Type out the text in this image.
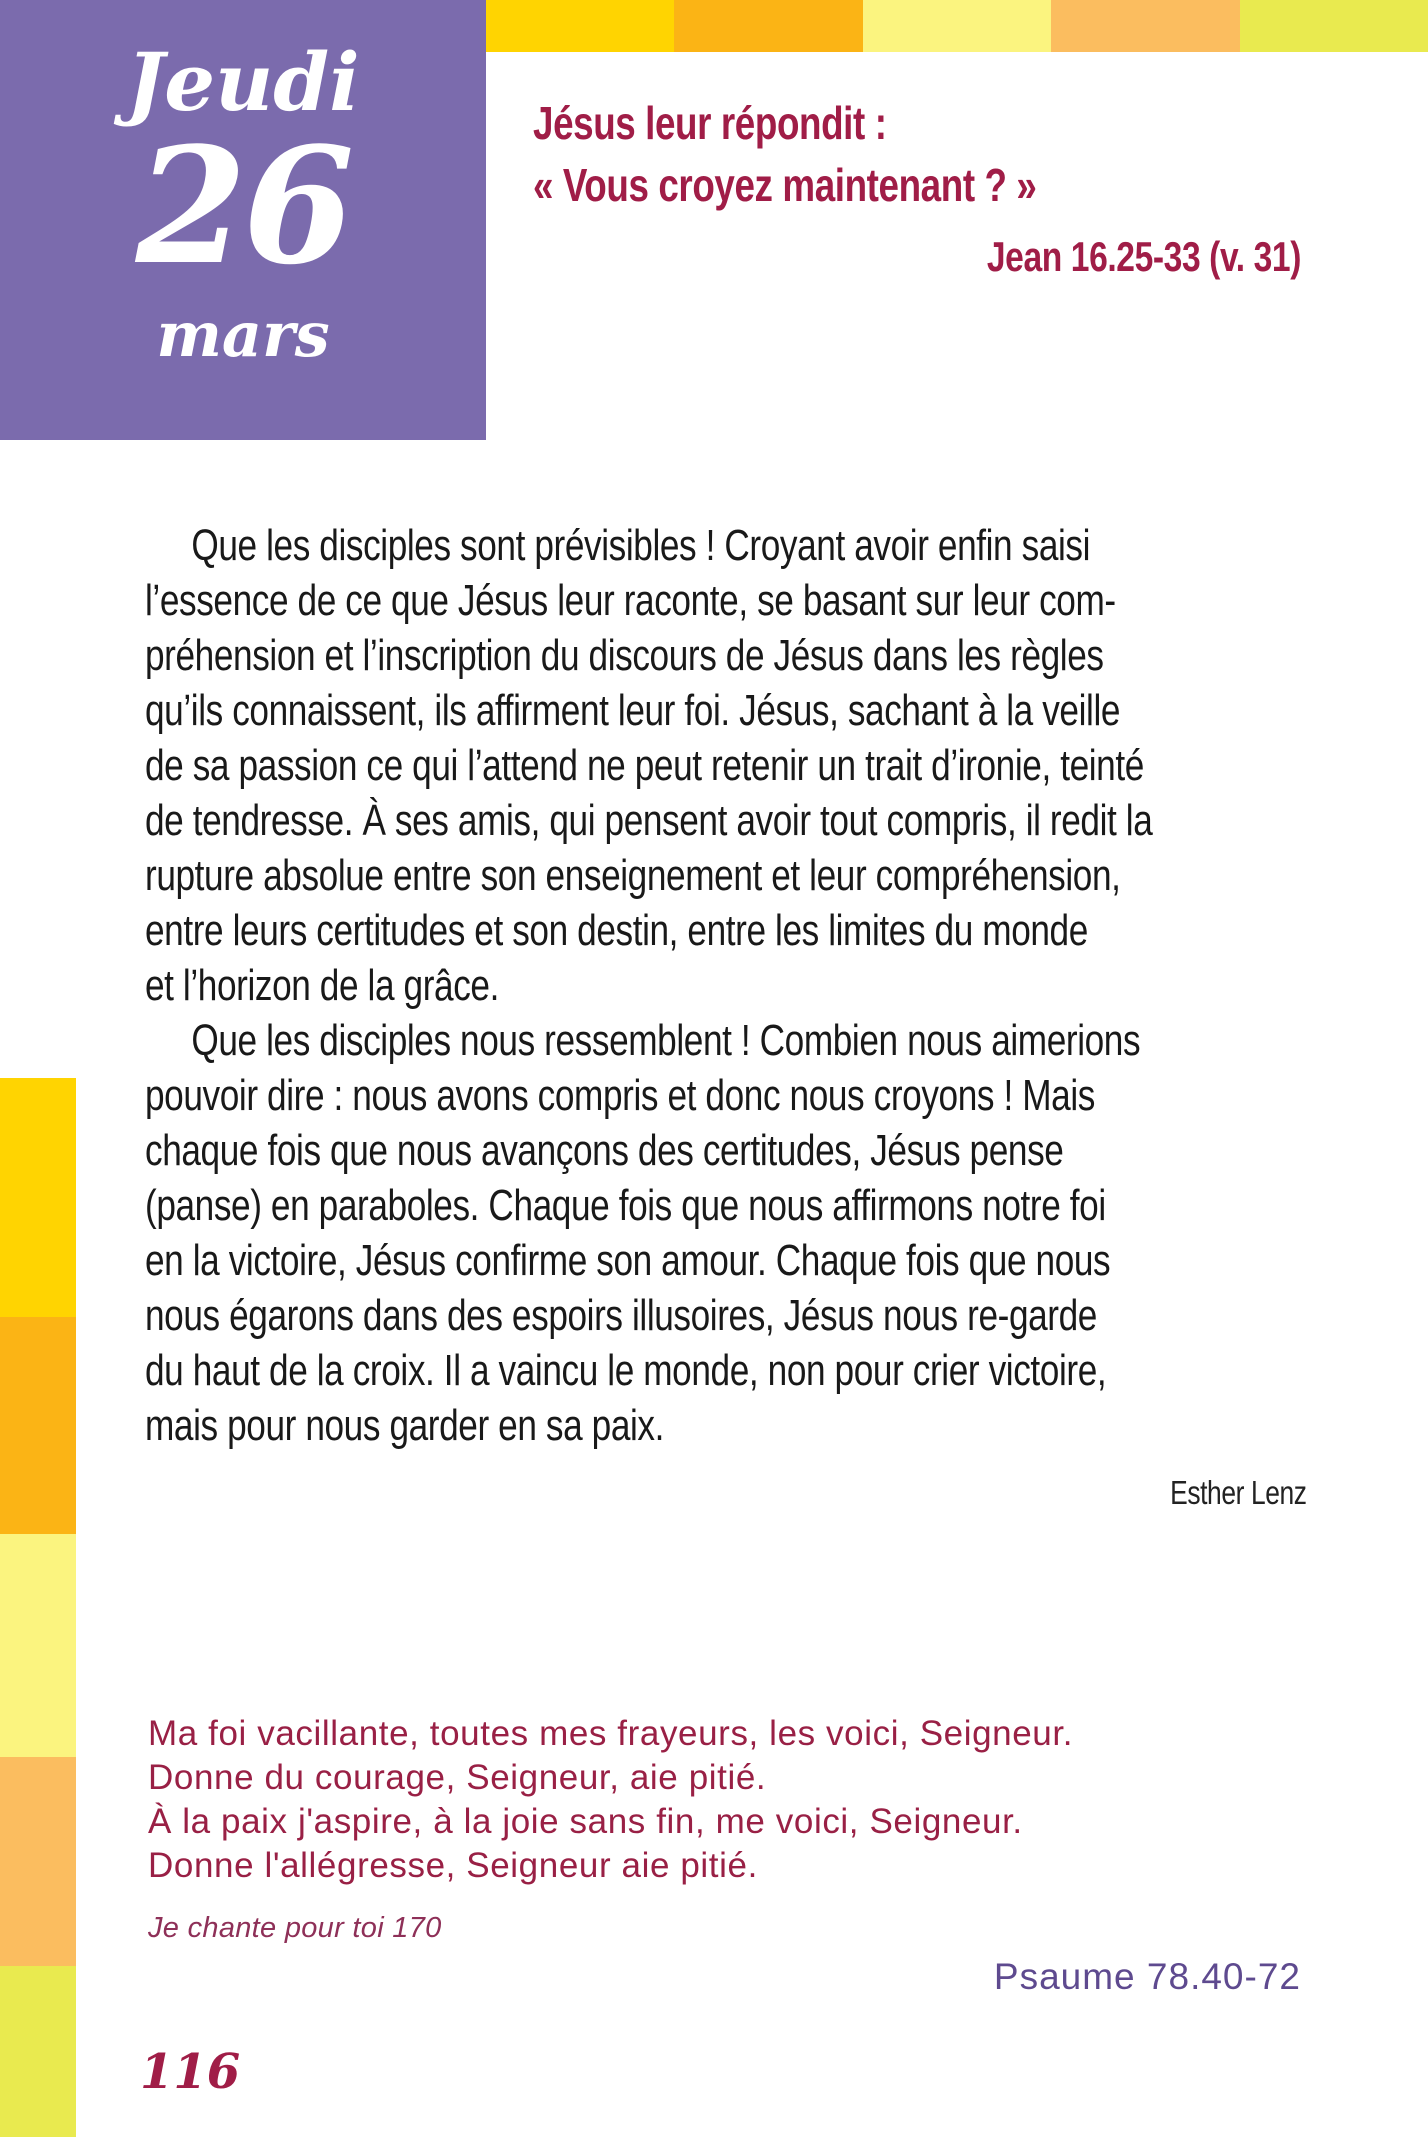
Jeudi
26
mars
Jésus leur répondit :
« Vous croyez maintenant ? »
Jean 16.25-33 (v. 31)
Que les disciples sont prévisibles ! Croyant avoir enfin saisi
l’essence de ce que Jésus leur raconte, se basant sur leur com-
préhension et l’inscription du discours de Jésus dans les règles
qu’ils connaissent, ils affirment leur foi. Jésus, sachant à la veille
de sa passion ce qui l’attend ne peut retenir un trait d’ironie, teinté
de tendresse. À ses amis, qui pensent avoir tout compris, il redit la
rupture absolue entre son enseignement et leur compréhension,
entre leurs certitudes et son destin, entre les limites du monde
et l’horizon de la grâce.
Que les disciples nous ressemblent ! Combien nous aimerions
pouvoir dire : nous avons compris et donc nous croyons ! Mais
chaque fois que nous avançons des certitudes, Jésus pense
(panse) en paraboles. Chaque fois que nous affirmons notre foi
en la victoire, Jésus confirme son amour. Chaque fois que nous
nous égarons dans des espoirs illusoires, Jésus nous re-garde
du haut de la croix. Il a vaincu le monde, non pour crier victoire,
mais pour nous garder en sa paix.
Esther Lenz
Ma foi vacillante, toutes mes frayeurs, les voici, Seigneur.
Donne du courage, Seigneur, aie pitié.
À la paix j'aspire, à la joie sans fin, me voici, Seigneur.
Donne l'allégresse, Seigneur aie pitié.
Je chante pour toi 170
Psaume 78.40-72
116
